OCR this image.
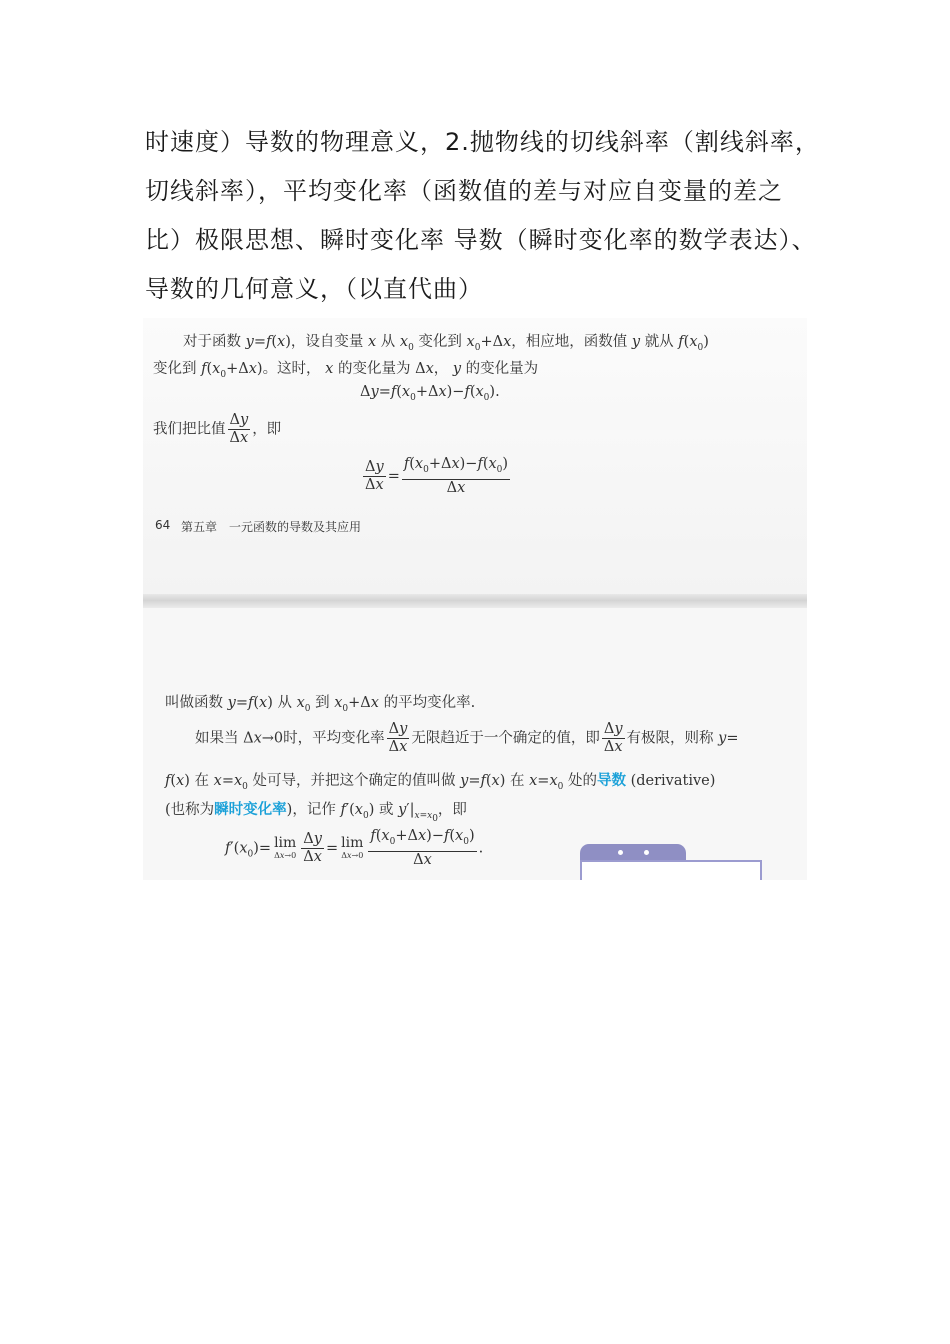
时速度）导数的物理意义，2.抛物线的切线斜率（割线斜率，
切线斜率），平均变化率（函数值的差与对应自变量的差之
比）极限思想、瞬时变化率 导数（瞬时变化率的数学表达）、
导数的几何意义，（以直代曲）
对于函数 y=f(x)，设自变量 x 从 $x_0$ 变化到 $x_0+\Delta x$，相应地，函数值 y 就从 $f(x_0)$
变化到 $f(x_0+\Delta x)$。这时， x 的变化量为 Δx， y 的变化量为
$\Delta y=f(x_0+\Delta x)-f(x_0)$.
我们把比值 $\frac{\Delta y}{\Delta x}$ ，即
$\frac{\Delta y}{\Delta x} = \frac{f(x_0+\Delta x)-f(x_0)}{\Delta x}$
64 第五章　一元函数的导数及其应用
叫做函数 y=f(x) 从 $x_0$ 到 $x_0+\Delta x$ 的平均变化率.
如果当 Δx→0时，平均变化率 $\frac{\Delta y}{\Delta x}$ 无限趋近于一个确定的值，即 $\frac{\Delta y}{\Delta x}$ 有极限，则称 y=
f(x) 在 $x=x_0$ 处可导，并把这个确定的值叫做 y=f(x) 在 $x=x_0$ 处的导数 (derivative)
(也称为瞬时变化率)，记作 $f'(x_0)$ 或 $y'|_{x=x_0}$，即
$f'(x_0)= \lim$
$\Delta x\to 0 \frac{\Delta y}{\Delta x} = \lim$
$\Delta x\to 0 \frac{f(x_0+\Delta x)-f(x_0)}{\Delta x}$ .
